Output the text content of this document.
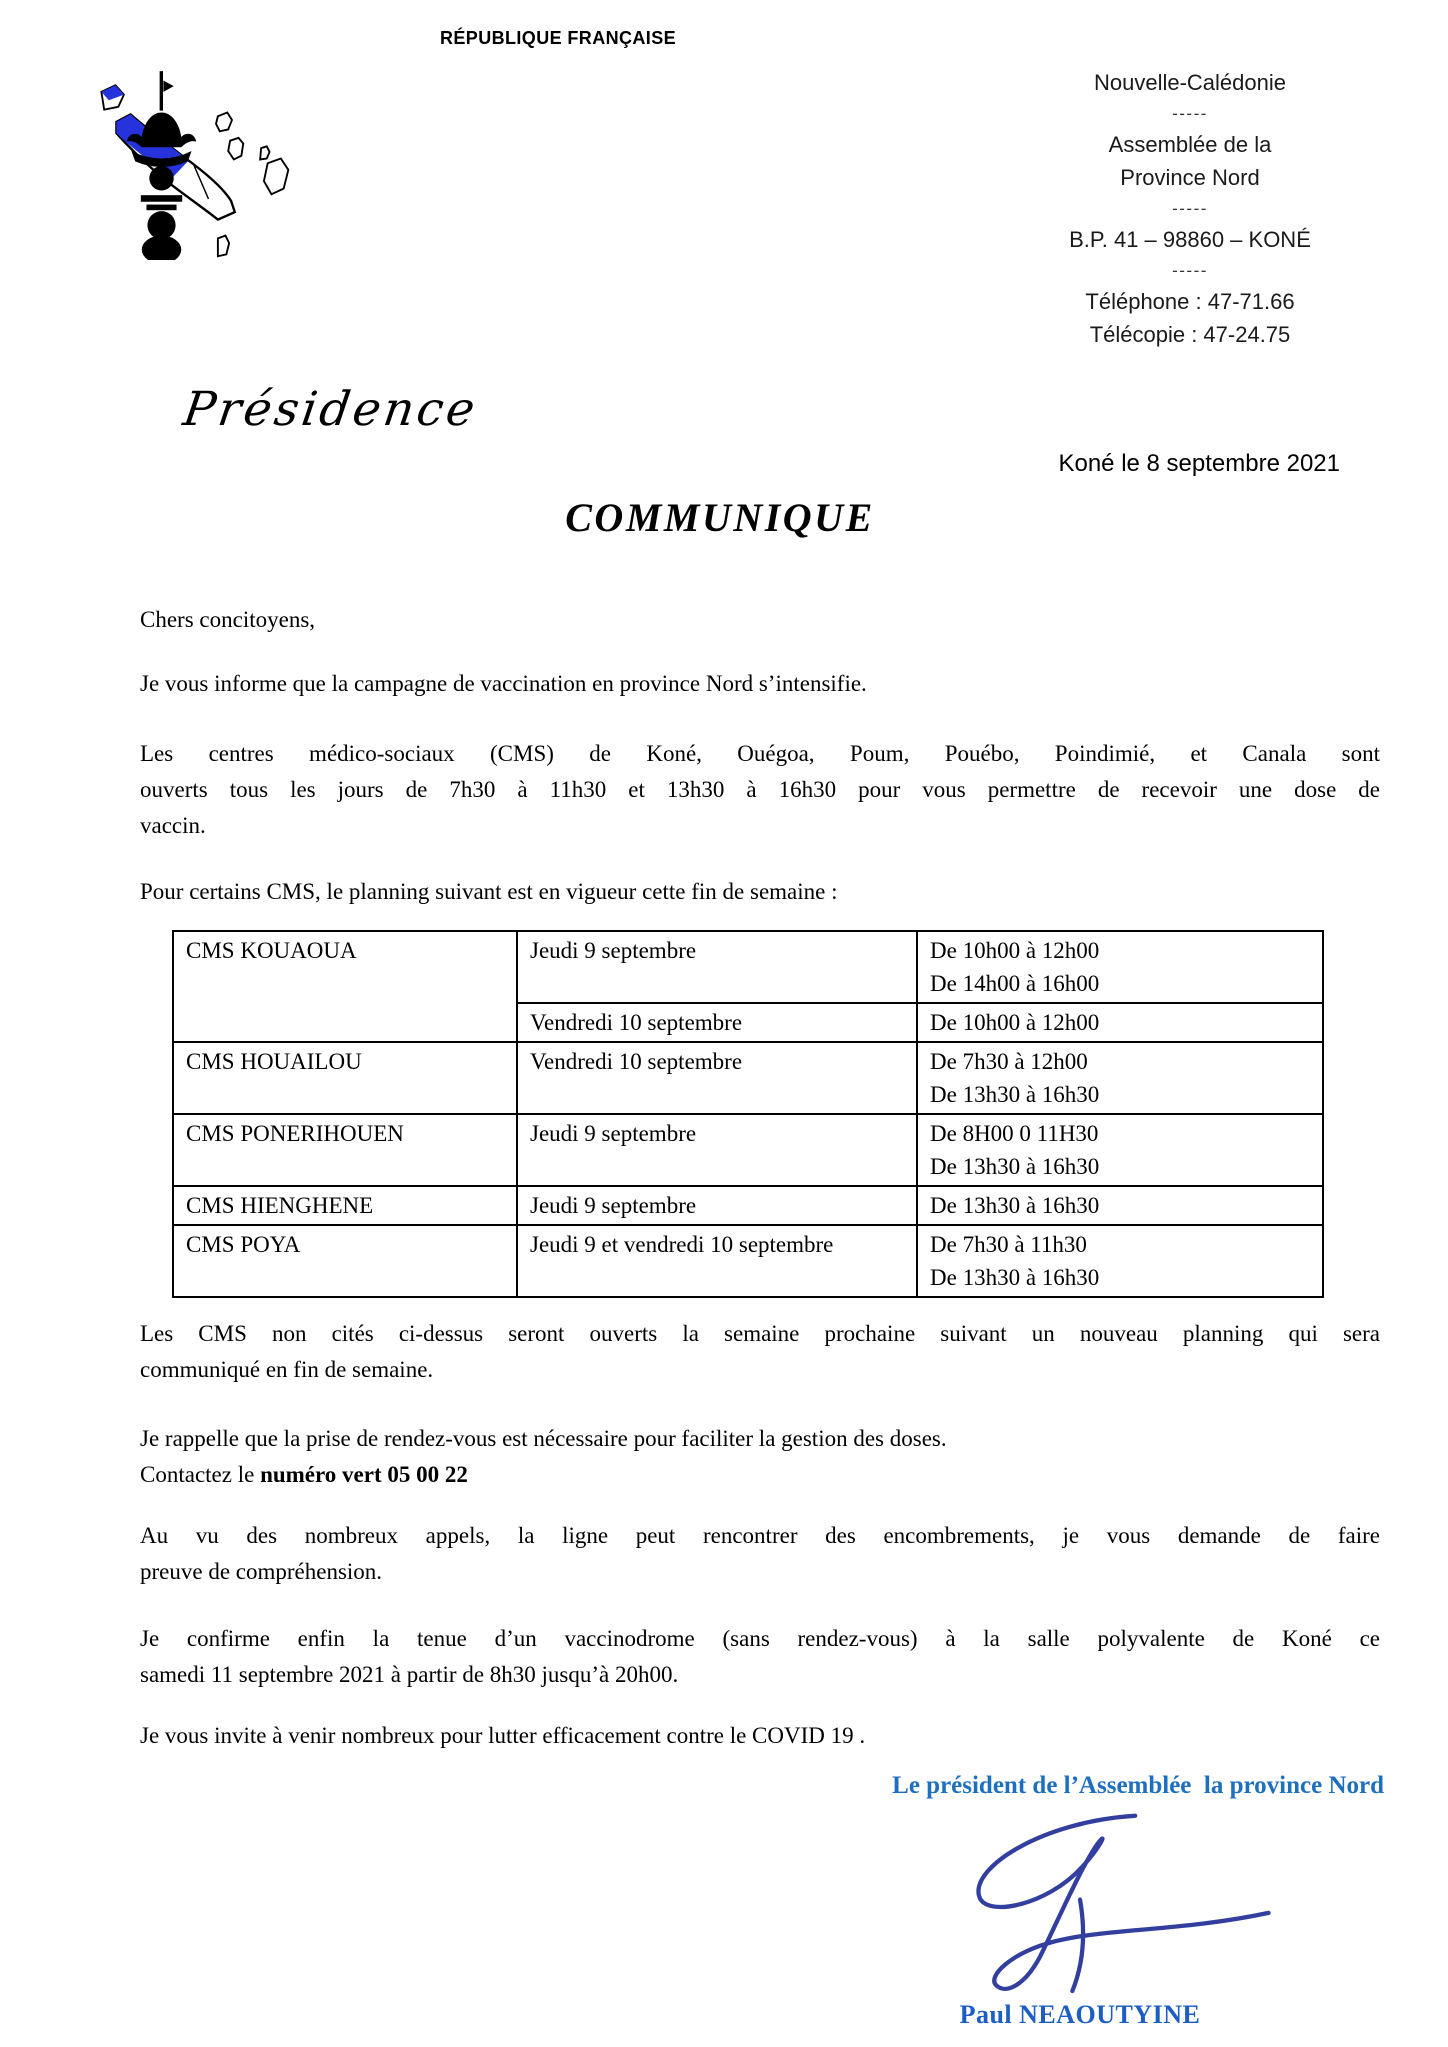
RÉPUBLIQUE FRANÇAISE
Nouvelle-Calédonie
-----
Assemblée de la
Province Nord
-----
B.P. 41 – 98860 – KONÉ
-----
Téléphone : 47-71.66
Télécopie : 47-24.75
Présidence
Koné le 8 septembre 2021
COMMUNIQUE
Chers concitoyens,
Je vous informe que la campagne de vaccination en province Nord s’intensifie.
Les centres médico-sociaux (CMS) de Koné, Ouégoa, Poum, Pouébo, Poindimié, et Canala sont
ouverts tous les jours de 7h30 à 11h30 et 13h30 à 16h30 pour vous permettre de recevoir une dose de
vaccin.
Pour certains CMS, le planning suivant est en vigueur cette fin de semaine :
CMS KOUAOUA	Jeudi 9 septembre	De 10h00 à 12h00
De 14h00 à 16h00

	Vendredi 10 septembre	De 10h00 à 12h00

CMS HOUAILOU	Vendredi 10 septembre	De 7h30 à 12h00
De 13h30 à 16h30

CMS PONERIHOUEN	Jeudi 9 septembre	De 8H00 0 11H30
De 13h30 à 16h30

CMS HIENGHENE	Jeudi 9 septembre	De 13h30 à 16h30

CMS POYA	Jeudi 9 et vendredi 10 septembre	De 7h30 à 11h30
De 13h30 à 16h30
Les CMS non cités ci-dessus seront ouverts la semaine prochaine suivant un nouveau planning qui sera
communiqué en fin de semaine.
Je rappelle que la prise de rendez-vous est nécessaire pour faciliter la gestion des doses.
Contactez le numéro vert 05 00 22
Au vu des nombreux appels, la ligne peut rencontrer des encombrements, je vous demande de faire
preuve de compréhension.
Je confirme enfin la tenue d’un vaccinodrome (sans rendez-vous) à la salle polyvalente de Koné ce
samedi 11 septembre 2021 à partir de 8h30 jusqu’à 20h00.
Je vous invite à venir nombreux pour lutter efficacement contre le COVID 19 .
Le président de l’Assemblée  la province Nord
Paul NEAOUTYINE
